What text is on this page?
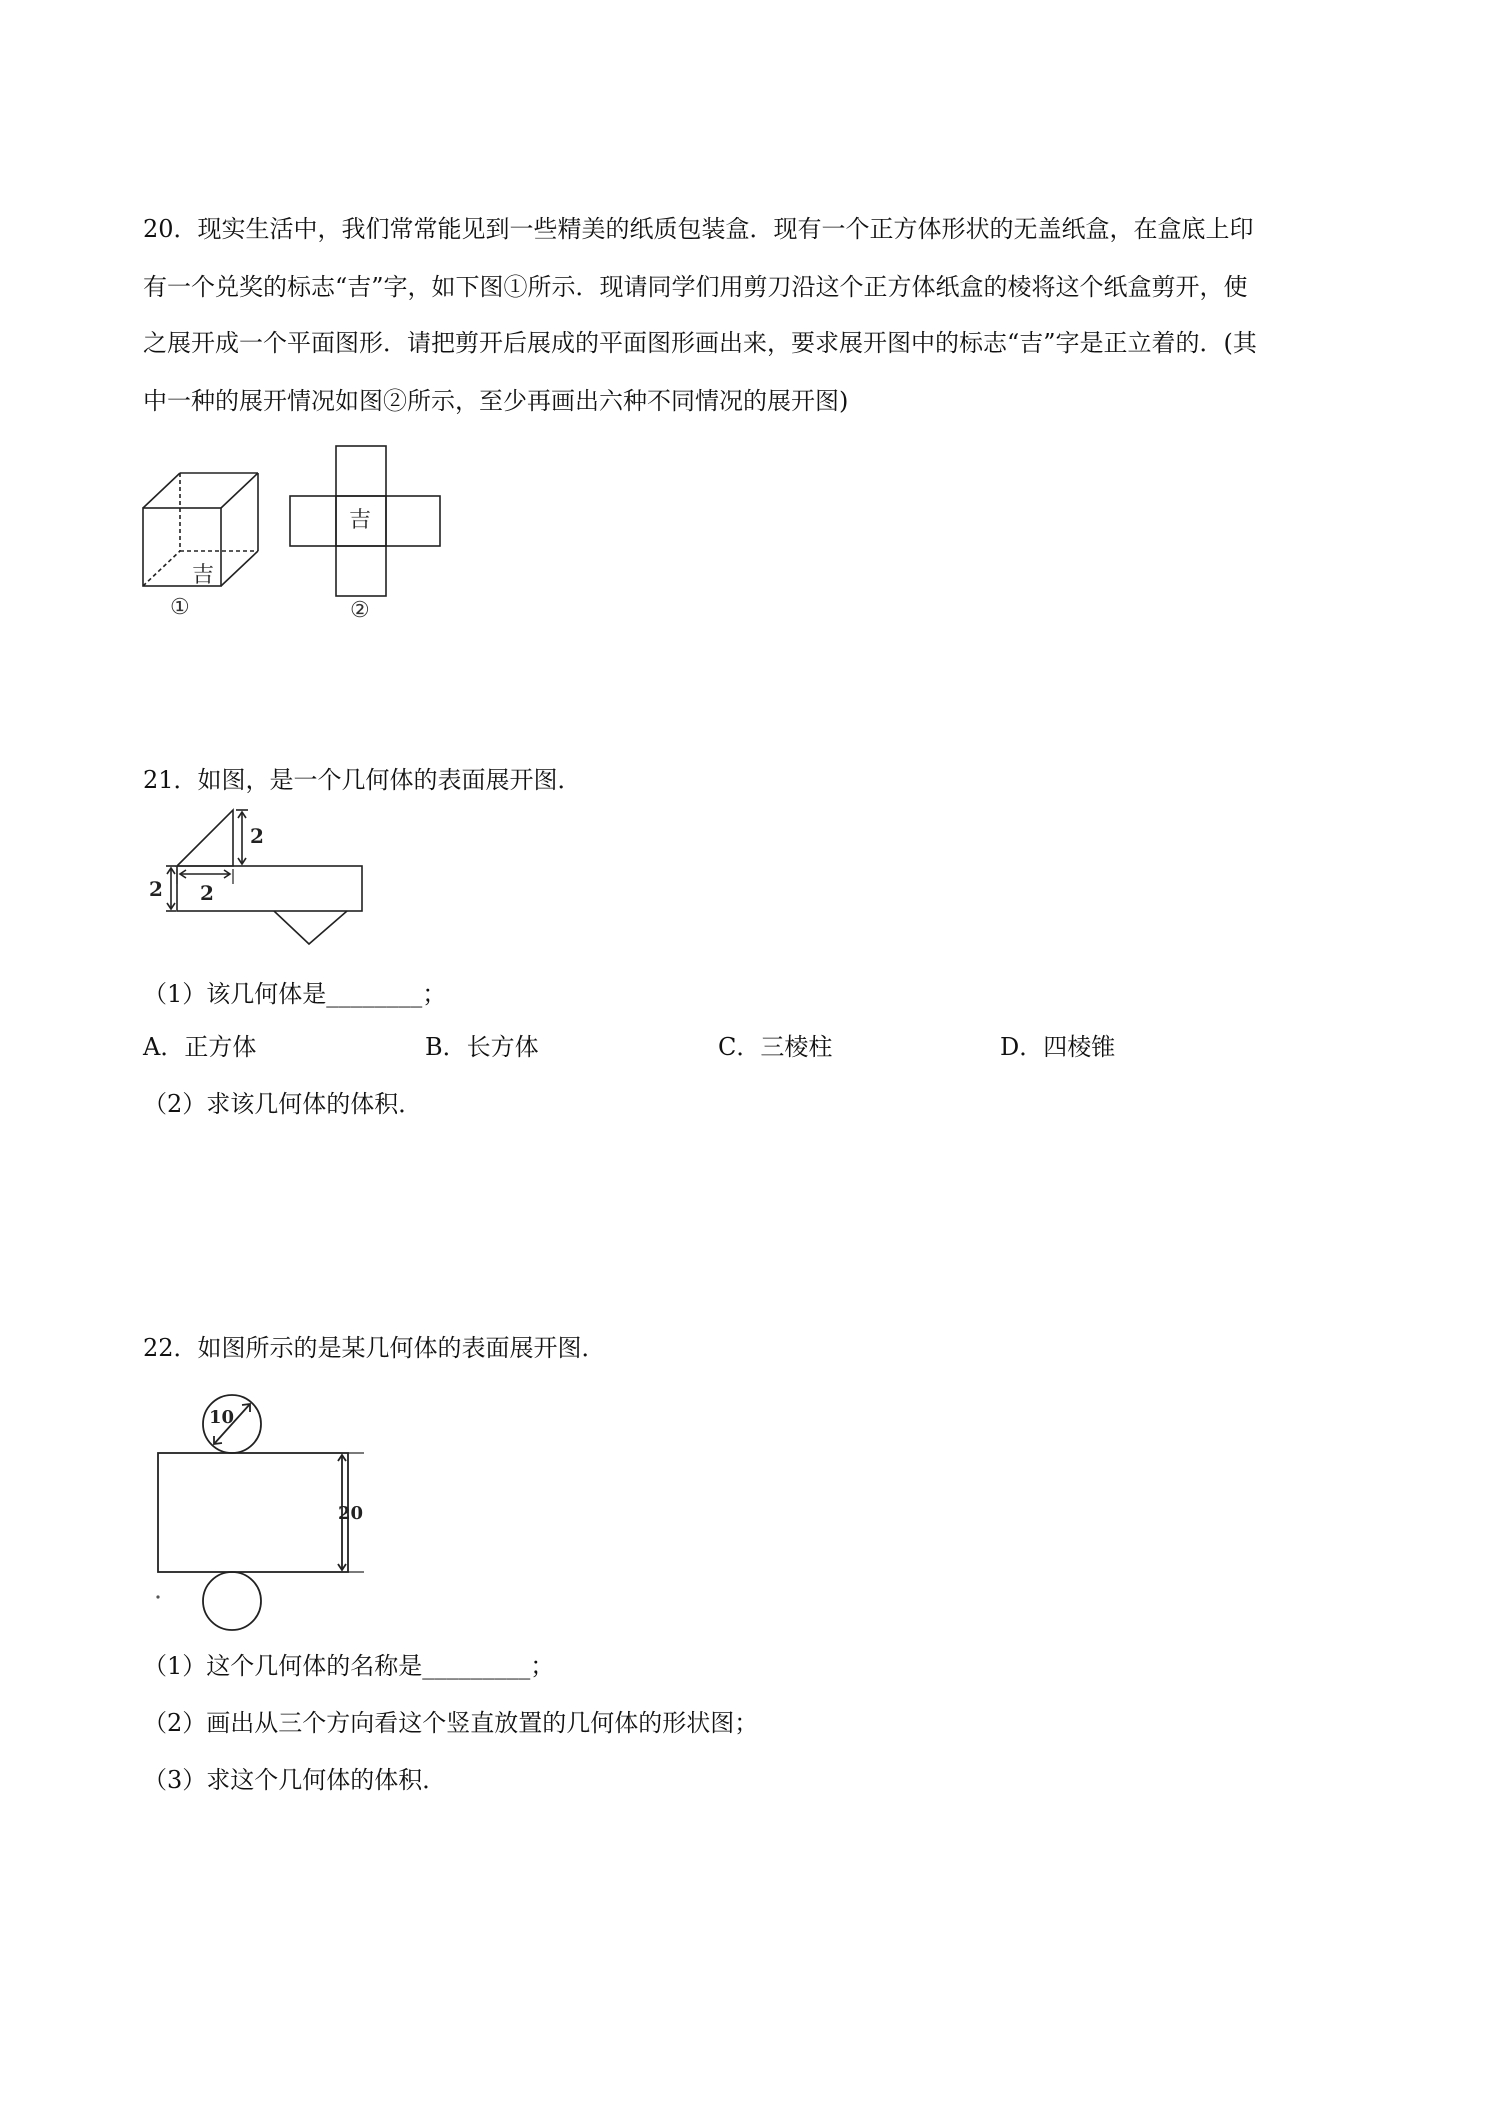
20．现实生活中，我们常常能见到一些精美的纸质包装盒．现有一个正方体形状的无盖纸盒，在盒底上印
有一个兑奖的标志“吉”字，如下图①所示．现请同学们用剪刀沿这个正方体纸盒的棱将这个纸盒剪开，使
之展开成一个平面图形．请把剪开后展成的平面图形画出来，要求展开图中的标志“吉”字是正立着的．(其
中一种的展开情况如图②所示，至少再画出六种不同情况的展开图)
吉
①
吉
②
21．如图，是一个几何体的表面展开图．
2
2
2
（1）该几何体是________；
A．正方体	B．长方体	C．三棱柱	D．四棱锥
（2）求该几何体的体积．
22．如图所示的是某几何体的表面展开图．
10
20
（1）这个几何体的名称是_________；
（2）画出从三个方向看这个竖直放置的几何体的形状图；
（3）求这个几何体的体积．
